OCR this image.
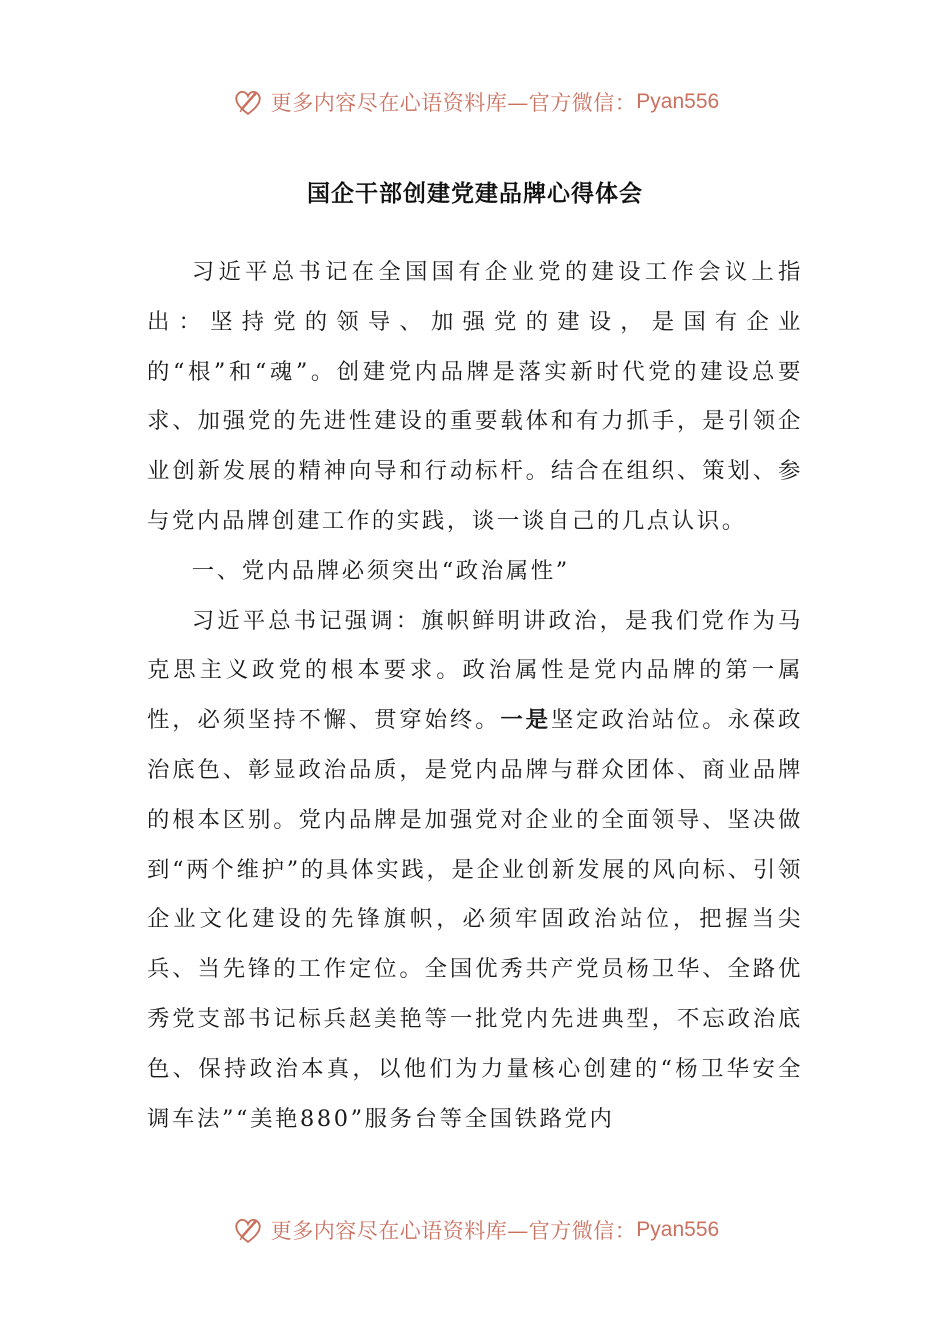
更多内容尽在心语资料库—官方微信： Pyan556
国企干部创建党建品牌心得体会

习近平总书记在全国国有企业党的建设工作会议上指出：坚持党的领导、加强党的建设，是国有企业的“根”和“魂”。创建党内品牌是落实新时代党的建设总要求、加强党的先进性建设的重要载体和有力抓手，是引领企业创新发展的精神向导和行动标杆。结合在组织、策划、参与党内品牌创建工作的实践，谈一谈自己的几点认识。

一、党内品牌必须突出“政治属性”

习近平总书记强调：旗帜鲜明讲政治，是我们党作为马克思主义政党的根本要求。政治属性是党内品牌的第一属性，必须坚持不懈、贯穿始终。一是坚定政治站位。永葆政治底色、彰显政治品质，是党内品牌与群众团体、商业品牌的根本区别。党内品牌是加强党对企业的全面领导、坚决做到“两个维护”的具体实践，是企业创新发展的风向标、引领企业文化建设的先锋旗帜，必须牢固政治站位，把握当尖兵、当先锋的工作定位。全国优秀共产党员杨卫华、全路优秀党支部书记标兵赵美艳等一批党内先进典型，不忘政治底色、保持政治本真，以他们为力量核心创建的“杨卫华安全调车法”“美艳880”服务台等全国铁路党内

更多内容尽在心语资料库—官方微信： Pyan556
